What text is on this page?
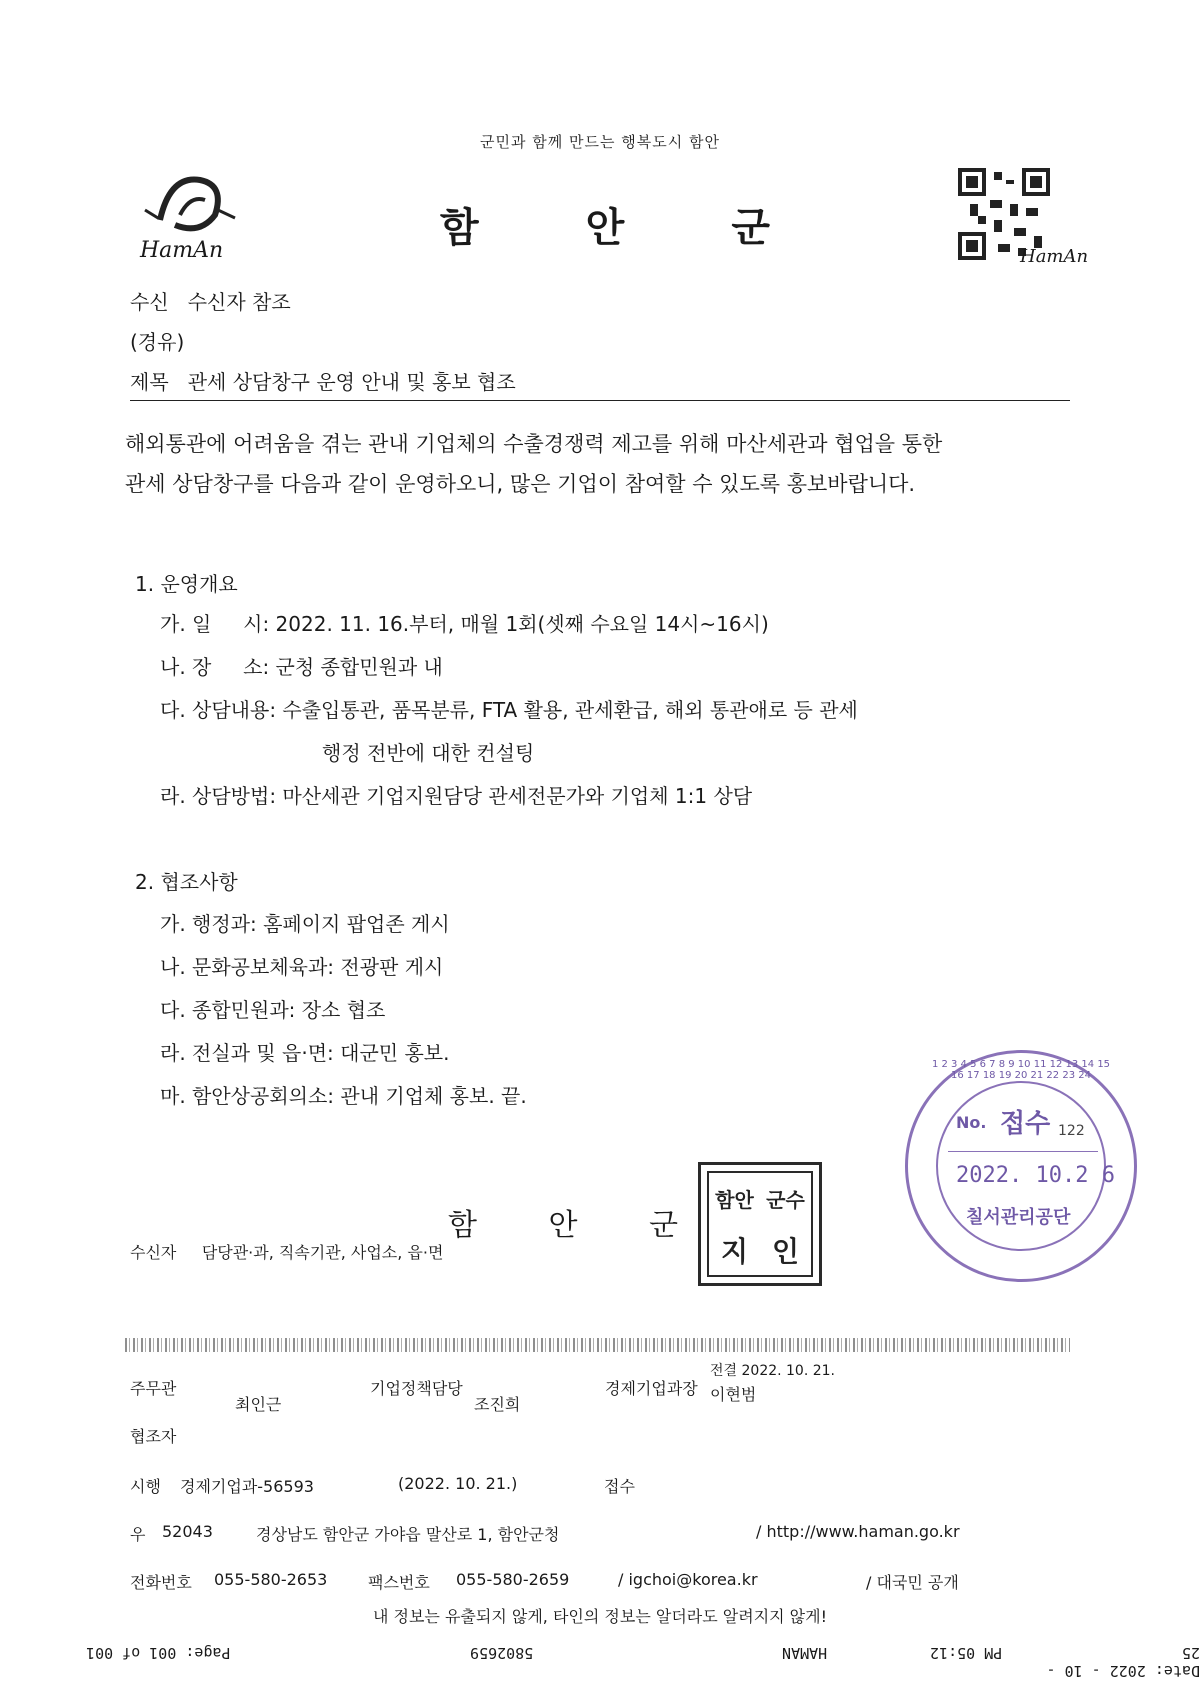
군민과 함께 만드는 행복도시 함안
HamAn	함	안	군
HamAn
수신 수신자 참조
(경유)
제목 관세 상담창구 운영 안내 및 홍보 협조
해외통관에 어려움을 겪는 관내 기업체의 수출경쟁력 제고를 위해 마산세관과 협업을 통한
관세 상담창구를 다음과 같이 운영하오니, 많은 기업이 참여할 수 있도록 홍보바랍니다.
1. 운영개요
가. 일     시: 2022. 11. 16.부터, 매월 1회(셋째 수요일 14시~16시)
나. 장     소: 군청 종합민원과 내
다. 상담내용: 수출입통관, 품목분류, FTA 활용, 관세환급, 해외 통관애로 등 관세
행정 전반에 대한 컨설팅
라. 상담방법: 마산세관 기업지원담당 관세전문가와 기업체 1:1 상담
2. 협조사항
가. 행정과: 홈페이지 팝업존 게시
나. 문화공보체육과: 전광판 게시
다. 종합민원과: 장소 협조
라. 전실과 및 읍·면: 대군민 홍보.
마. 함안상공회의소: 관내 기업체 홍보. 끝.
함 안 군
함안 군수
지 인
1 2 3 4 5 6 7 8 9 10 11 12 13 14 15 16 17 18 19 20 21 22 23 24
No. 접수 122
2022. 10.2 6
칠서관리공단
수신자 담당관·과, 직속기관, 사업소, 읍·면
주무관
최인근
기업정책담당
조진희
경제기업과장
전결 2022. 10. 21.
이현범
협조자
시행 경제기업과-56593	(2022. 10. 21.)	접수
우 52043	경상남도 함안군 가야읍 말산로 1, 함안군청	/ http://www.haman.go.kr
전화번호 055-580-2653	팩스번호 055-580-2659	/ igchoi@korea.kr	/ 대국민 공개
내 정보는 유출되지 않게, 타인의 정보는 알더라도 알려지지 않게!
Page: 001 of 001	5802659	HAMAN	PM 05:12
Date: 2022 - 10 - 25
